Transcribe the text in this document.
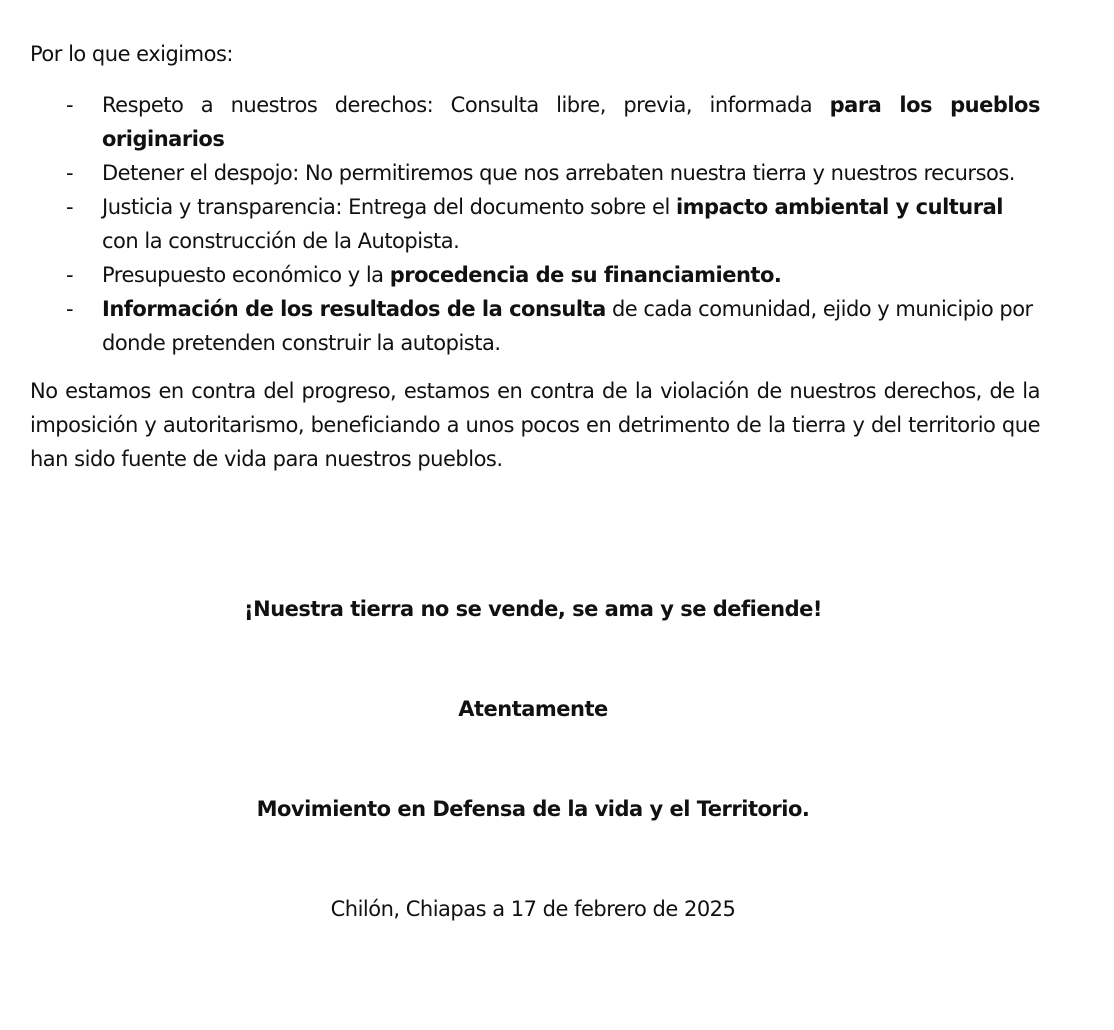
Por lo que exigimos:

- Respeto a nuestros derechos: Consulta libre, previa, informada para los pueblos originarios
- Detener el despojo: No permitiremos que nos arrebaten nuestra tierra y nuestros recursos.
- Justicia y transparencia: Entrega del documento sobre el impacto ambiental y cultural con la construcción de la Autopista.
- Presupuesto económico y la procedencia de su financiamiento.
- Información de los resultados de la consulta de cada comunidad, ejido y municipio por donde pretenden construir la autopista.

No estamos en contra del progreso, estamos en contra de la violación de nuestros derechos, de la imposición y autoritarismo, beneficiando a unos pocos en detrimento de la tierra y del territorio que han sido fuente de vida para nuestros pueblos.

¡Nuestra tierra no se vende, se ama y se defiende!

Atentamente

Movimiento en Defensa de la vida y el Territorio.

Chilón, Chiapas a 17 de febrero de 2025
